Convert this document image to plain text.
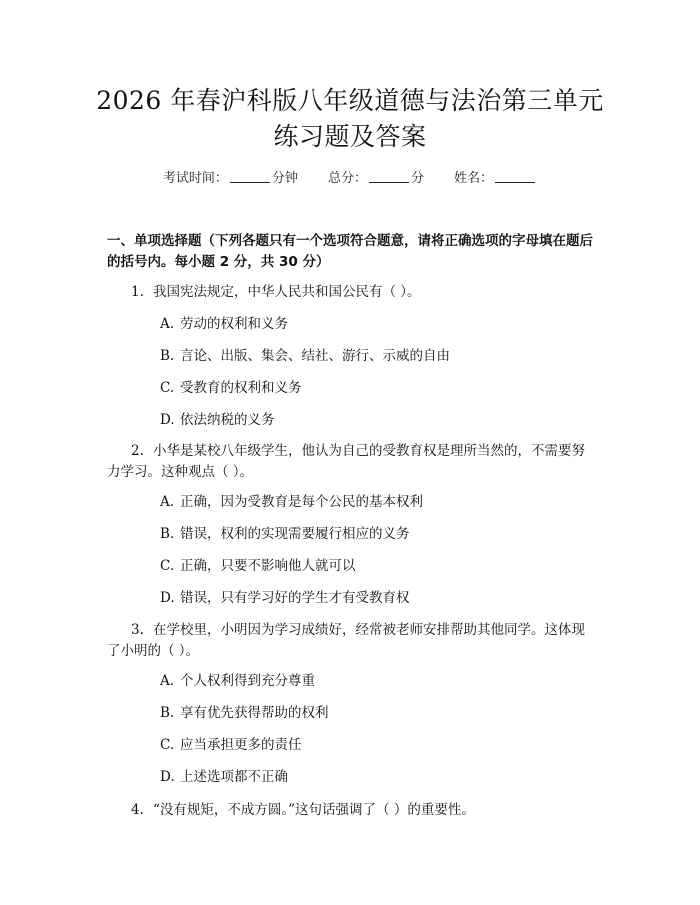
2026 年春沪科版八年级道德与法治第三单元
练习题及答案
考试时间：	分钟 总分：	分 姓名：
一、单项选择题（下列各题只有一个选项符合题意，请将正确选项的字母填在题后的括号内。每小题 2 分，共 30 分）
1. 我国宪法规定，中华人民共和国公民有（ ）。
A. 劳动的权利和义务
B. 言论、出版、集会、结社、游行、示威的自由
C. 受教育的权利和义务
D. 依法纳税的义务
2. 小华是某校八年级学生，他认为自己的受教育权是理所当然的，不需要努力学习。这种观点（ ）。
A. 正确，因为受教育是每个公民的基本权利
B. 错误，权利的实现需要履行相应的义务
C. 正确，只要不影响他人就可以
D. 错误，只有学习好的学生才有受教育权
3. 在学校里，小明因为学习成绩好，经常被老师安排帮助其他同学。这体现了小明的（ ）。
A. 个人权利得到充分尊重
B. 享有优先获得帮助的权利
C. 应当承担更多的责任
D. 上述选项都不正确
4. “没有规矩，不成方圆。”这句话强调了（ ）的重要性。
